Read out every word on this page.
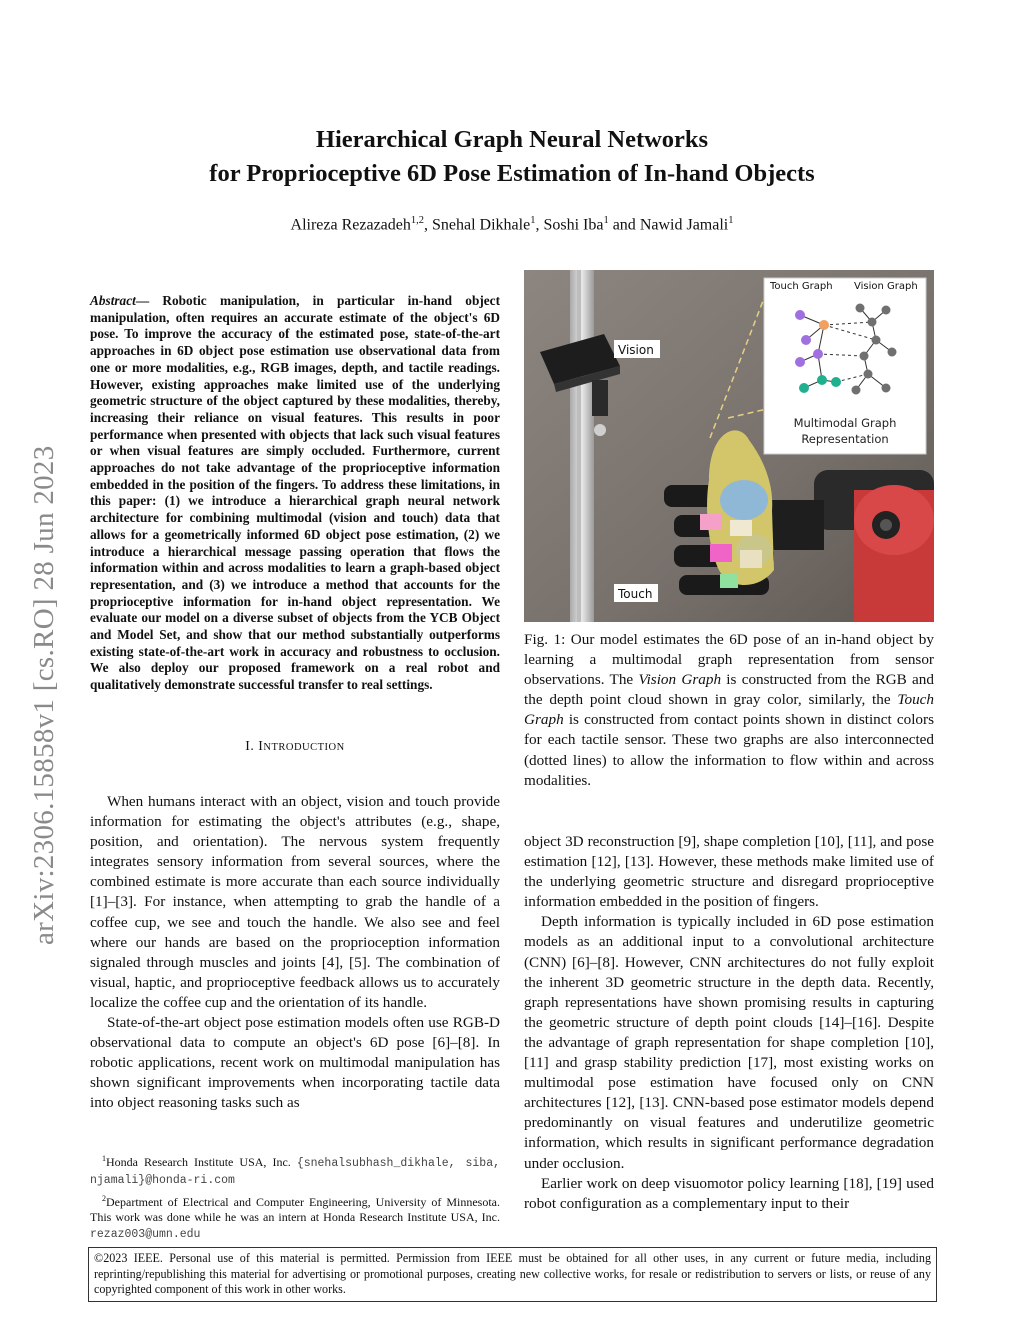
Hierarchical Graph Neural Networks
for Proprioceptive 6D Pose Estimation of In-hand Objects
Alireza Rezazadeh$^{1,2}$, Snehal Dikhale$^1$, Soshi Iba$^1$ and Nawid Jamali$^1$
arXiv:2306.15858v1 [cs.RO] 28 Jun 2023
Abstract— Robotic manipulation, in particular in-hand object manipulation, often requires an accurate estimate of the object's 6D pose. To improve the accuracy of the estimated pose, state-of-the-art approaches in 6D object pose estimation use observational data from one or more modalities, e.g., RGB images, depth, and tactile readings. However, existing approaches make limited use of the underlying geometric structure of the object captured by these modalities, thereby, increasing their reliance on visual features. This results in poor performance when presented with objects that lack such visual features or when visual features are simply occluded. Furthermore, current approaches do not take advantage of the proprioceptive information embedded in the position of the fingers. To address these limitations, in this paper: (1) we introduce a hierarchical graph neural network architecture for combining multimodal (vision and touch) data that allows for a geometrically informed 6D object pose estimation, (2) we introduce a hierarchical message passing operation that flows the information within and across modalities to learn a graph-based object representation, and (3) we introduce a method that accounts for the proprioceptive information for in-hand object representation. We evaluate our model on a diverse subset of objects from the YCB Object and Model Set, and show that our method substantially outperforms existing state-of-the-art work in accuracy and robustness to occlusion. We also deploy our proposed framework on a real robot and qualitatively demonstrate successful transfer to real settings.
I. INTRODUCTION

When humans interact with an object, vision and touch provide information for estimating the object's attributes (e.g., shape, position, and orientation). The nervous system frequently integrates sensory information from several sources, where the combined estimate is more accurate than each source individually [1]–[3]. For instance, when attempting to grab the handle of a coffee cup, we see and touch the handle. We also see and feel where our hands are based on the proprioception information signaled through muscles and joints [4], [5]. The combination of visual, haptic, and proprioceptive feedback allows us to accurately localize the coffee cup and the orientation of its handle.

State-of-the-art object pose estimation models often use RGB-D observational data to compute an object's 6D pose [6]–[8]. In robotic applications, recent work on multimodal manipulation has shown significant improvements when incorporating tactile data into object reasoning tasks such as

$^1$Honda Research Institute USA, Inc. {snehalsubhash_dikhale, siba, njamali}@honda-ri.com

$^2$Department of Electrical and Computer Engineering, University of Minnesota. This work was done while he was an intern at Honda Research Institute USA, Inc. rezaz003@umn.edu

Touch Graph Vision Graph
Multimodal Graph
Representation
Vision
Touch
Fig. 1: Our model estimates the 6D pose of an in-hand object by learning a multimodal graph representation from sensor observations. The Vision Graph is constructed from the RGB and the depth point cloud shown in gray color, similarly, the Touch Graph is constructed from contact points shown in distinct colors for each tactile sensor. These two graphs are also interconnected (dotted lines) to allow the information to flow within and across modalities.

object 3D reconstruction [9], shape completion [10], [11], and pose estimation [12], [13]. However, these methods make limited use of the underlying geometric structure and disregard proprioceptive information embedded in the position of fingers.

Depth information is typically included in 6D pose estimation models as an additional input to a convolutional architecture (CNN) [6]–[8]. However, CNN architectures do not fully exploit the inherent 3D geometric structure in the depth data. Recently, graph representations have shown promising results in capturing the geometric structure of depth point clouds [14]–[16]. Despite the advantage of graph representation for shape completion [10], [11] and grasp stability prediction [17], most existing works on multimodal pose estimation have focused only on CNN architectures [12], [13]. CNN-based pose estimator models depend predominantly on visual features and underutilize geometric information, which results in significant performance degradation under occlusion.

Earlier work on deep visuomotor policy learning [18], [19] used robot configuration as a complementary input to their

©2023 IEEE. Personal use of this material is permitted. Permission from IEEE must be obtained for all other uses, in any current or future media, including reprinting/republishing this material for advertising or promotional purposes, creating new collective works, for resale or redistribution to servers or lists, or reuse of any copyrighted component of this work in other works.
